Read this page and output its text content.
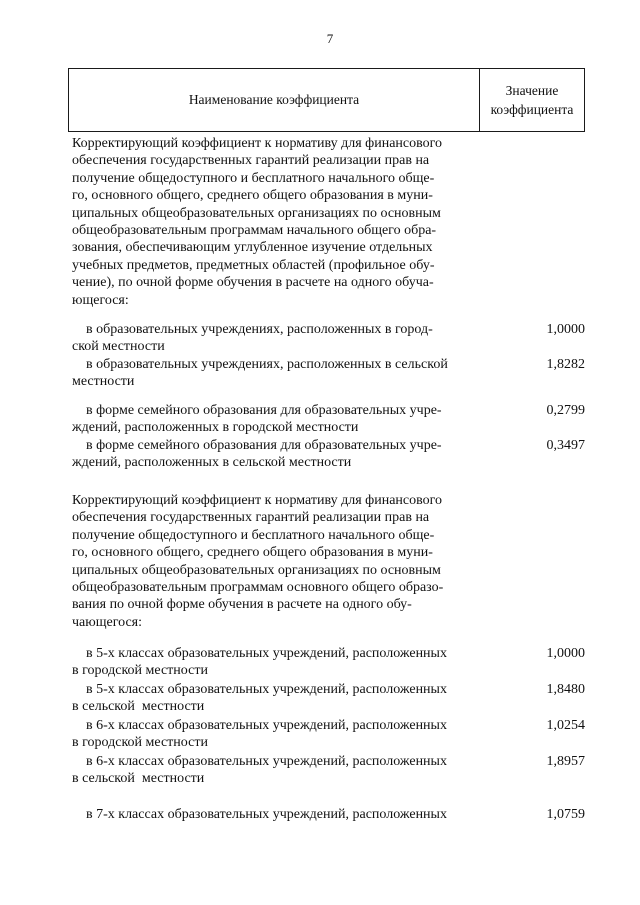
7
Наименование коэффициента
Значение
коэффициента
Корректирующий коэффициент к нормативу для финансового
обеспечения государственных гарантий реализации прав на
получение общедоступного и бесплатного начального обще-
го, основного общего, среднего общего образования в муни-
ципальных общеобразовательных организациях по основным
общеобразовательным программам начального общего обра-
зования, обеспечивающим углубленное изучение отдельных
учебных предметов, предметных областей (профильное обу-
чение), по очной форме обучения в расчете на одного обуча-
ющегося:
в образовательных учреждениях, расположенных в город-
ской местности
1,0000
в образовательных учреждениях, расположенных в сельской
местности
1,8282
в форме семейного образования для образовательных учре-
ждений, расположенных в городской местности
0,2799
в форме семейного образования для образовательных учре-
ждений, расположенных в сельской местности
0,3497
Корректирующий коэффициент к нормативу для финансового
обеспечения государственных гарантий реализации прав на
получение общедоступного и бесплатного начального обще-
го, основного общего, среднего общего образования в муни-
ципальных общеобразовательных организациях по основным
общеобразовательным программам основного общего образо-
вания по очной форме обучения в расчете на одного обу-
чающегося:
в 5-х классах образовательных учреждений, расположенных
в городской местности
1,0000
в 5-х классах образовательных учреждений, расположенных
в сельской  местности
1,8480
в 6-х классах образовательных учреждений, расположенных
в городской местности
1,0254
в 6-х классах образовательных учреждений, расположенных
в сельской  местности
1,8957
в 7-х классах образовательных учреждений, расположенных	1,0759
